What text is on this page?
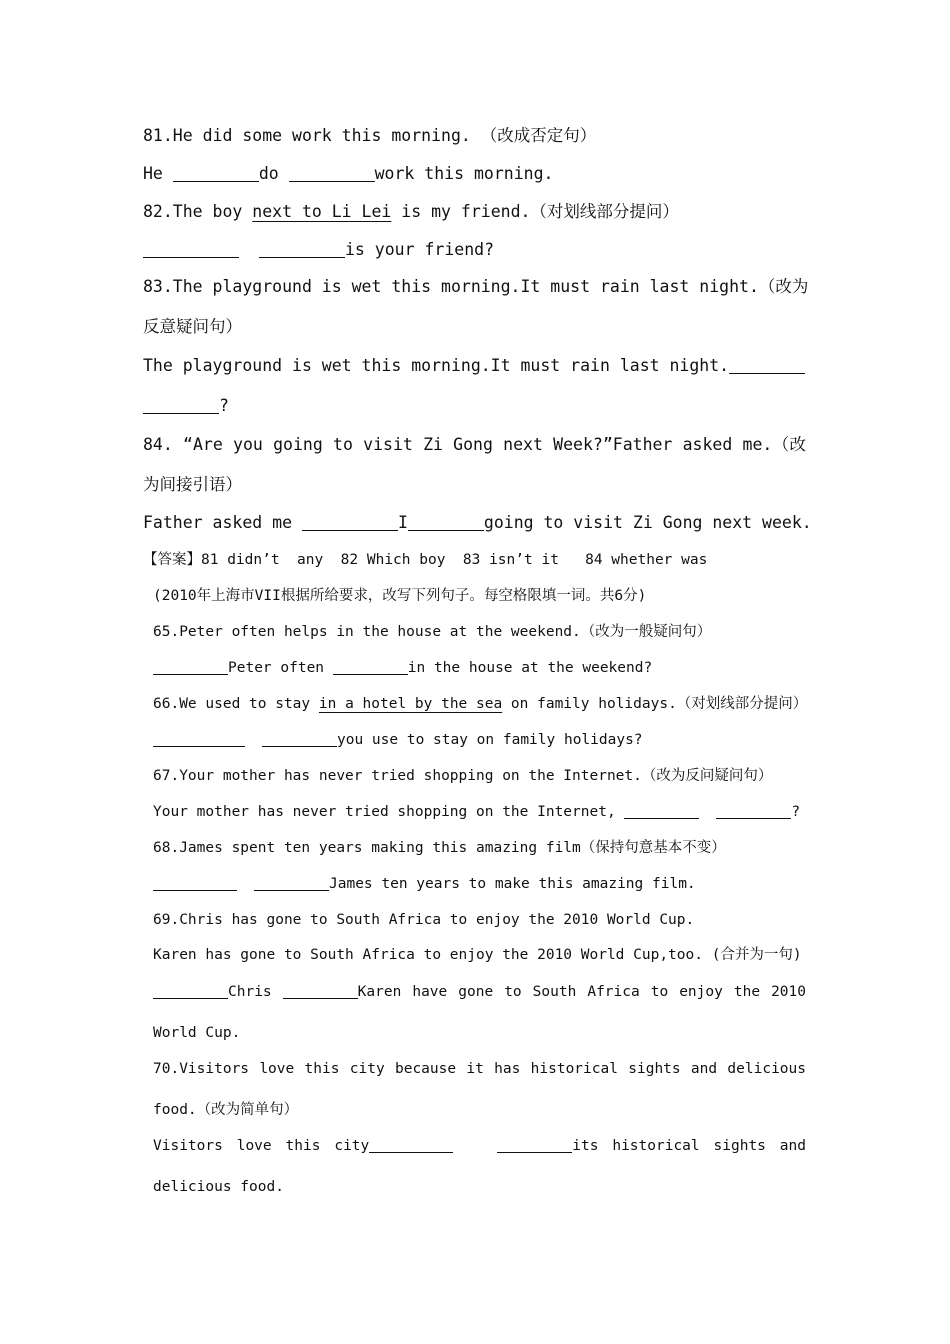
81.He did some work this morning. （改成否定句）
He	do	work this morning.
82.The boy next to Li Lei is my friend.（对划线部分提问）
is your friend?
83.The playground is wet this morning.It must rain last night.（改为
反意疑问句）
The playground is wet this morning.It must rain last night.
?
84. “Are you going to visit Zi Gong next Week?”Father asked me.（改
为间接引语）
Father asked me	I	going to visit Zi Gong next week.
【答案】81 didn’t  any  82 Which boy  83 isn’t it   84 whether was
(2010年上海市VII根据所给要求，改写下列句子。每空格限填一词。共6分)
65.Peter often helps in the house at the weekend.（改为一般疑问句）
Peter often	in the house at the weekend?
66.We used to stay in a hotel by the sea on family holidays.（对划线部分提问）
you use to stay on family holidays?
67.Your mother has never tried shopping on the Internet.（改为反问疑问句）
Your mother has never tried shopping on the Internet,	?
68.James spent ten years making this amazing film（保持句意基本不变）
James ten years to make this amazing film.
69.Chris has gone to South Africa to enjoy the 2010 World Cup.
Karen has gone to South Africa to enjoy the 2010 World Cup,too. (合并为一句)
Chris	Karen have gone to South Africa to enjoy the 2010
World Cup.
70.Visitors love this city because it has historical sights and delicious
food.（改为简单句）
Visitors love this city	its historical sights and
delicious food.
